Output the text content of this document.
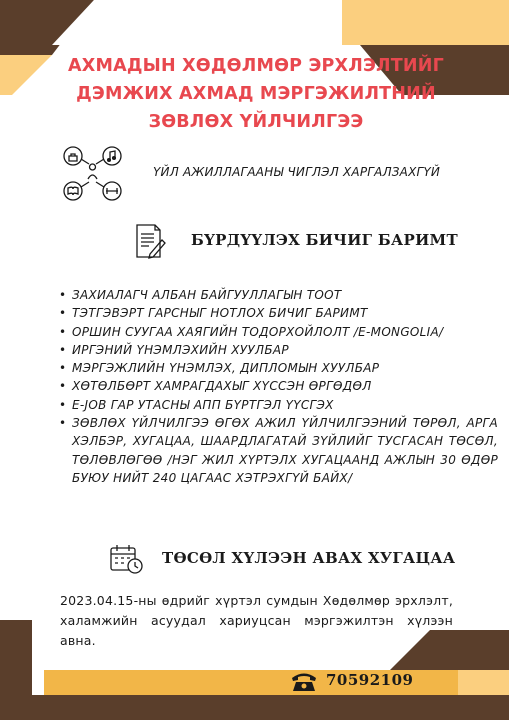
АХМАДЫН ХӨДӨЛМӨР ЭРХЛЭЛТИЙГ
ДЭМЖИХ АХМАД МЭРГЭЖИЛТНИЙ
ЗӨВЛӨХ ҮЙЛЧИЛГЭЭ
ҮЙЛ АЖИЛЛАГААНЫ ЧИГЛЭЛ ХАРГАЛЗАХГҮЙ
БҮРДҮҮЛЭХ БИЧИГ БАРИМТ
• ЗАХИАЛАГЧ АЛБАН БАЙГУУЛЛАГЫН ТООТ
• ТЭТГЭВЭРТ ГАРСНЫГ НОТЛОХ БИЧИГ БАРИМТ
• ОРШИН СУУГАА ХАЯГИЙН ТОДОРХОЙЛОЛТ /E-MONGOLIA/
• ИРГЭНИЙ ҮНЭМЛЭХИЙН ХУУЛБАР
• МЭРГЭЖЛИЙН ҮНЭМЛЭХ, ДИПЛОМЫН ХУУЛБАР
• ХӨТӨЛБӨРТ ХАМРАГДАХЫГ ХҮССЭН ӨРГӨДӨЛ
• E-JOB ГАР УТАСНЫ АПП БҮРТГЭЛ ҮҮСГЭХ
• ЗӨВЛӨХ ҮЙЛЧИЛГЭЭ ӨГӨХ АЖИЛ ҮЙЛЧИЛГЭЭНИЙ ТӨРӨЛ, АРГА ХЭЛБЭР, ХУГАЦАА, ШААРДЛАГАТАЙ ЗҮЙЛИЙГ ТУСГАСАН ТӨСӨЛ, ТӨЛӨВЛӨГӨӨ /НЭГ ЖИЛ ХҮРТЭЛХ ХУГАЦААНД АЖЛЫН 30 ӨДӨР БУЮУ НИЙТ 240 ЦАГААС ХЭТРЭХГҮЙ БАЙХ/
ТӨСӨЛ ХҮЛЭЭН АВАХ ХУГАЦАА
2023.04.15-ны өдрийг хүртэл сумдын Хөдөлмөр эрхлэлт, халамжийн асуудал хариуцсан мэргэжилтэн хүлээн авна.
70592109
